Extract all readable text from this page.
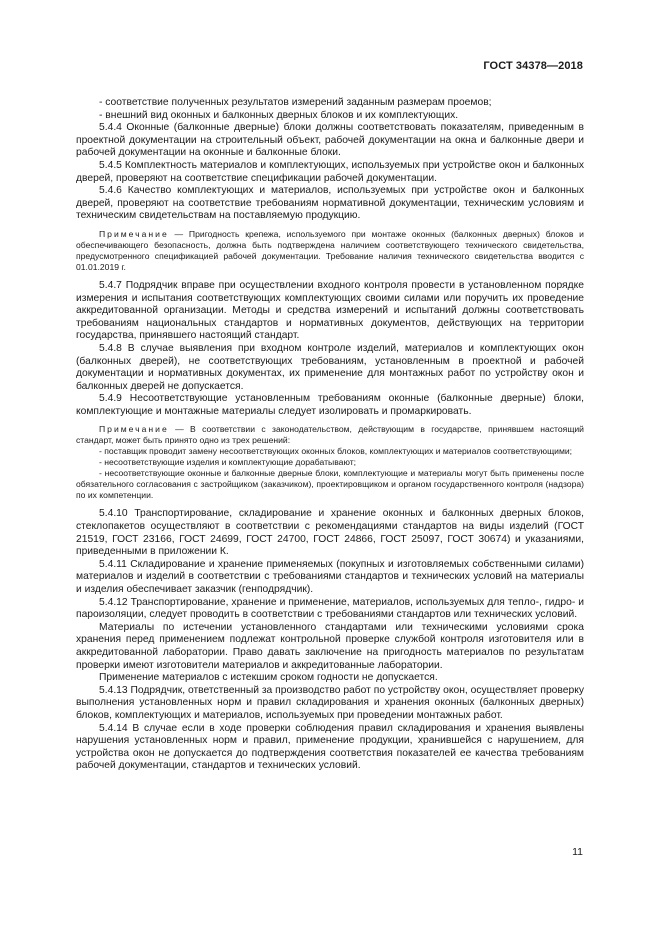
ГОСТ 34378—2018

- соответствие полученных результатов измерений заданным размерам проемов;

- внешний вид оконных и балконных дверных блоков и их комплектующих.

5.4.4 Оконные (балконные дверные) блоки должны соответствовать показателям, приведенным в проектной документации на строительный объект, рабочей документации на окна и балконные двери и рабочей документации на оконные и балконные блоки.

5.4.5 Комплектность материалов и комплектующих, используемых при устройстве окон и балконных дверей, проверяют на соответствие спецификации рабочей документации.

5.4.6 Качество комплектующих и материалов, используемых при устройстве окон и балконных дверей, проверяют на соответствие требованиям нормативной документации, техническим условиям и техническим свидетельствам на поставляемую продукцию.

Примечание — Пригодность крепежа, используемого при монтаже оконных (балконных дверных) блоков и обеспечивающего безопасность, должна быть подтверждена наличием соответствующего технического свидетельства, предусмотренного спецификацией рабочей документации. Требование наличия технического свидетельства вводится с 01.01.2019 г.

5.4.7 Подрядчик вправе при осуществлении входного контроля провести в установленном порядке измерения и испытания соответствующих комплектующих своими силами или поручить их проведение аккредитованной организации. Методы и средства измерений и испытаний должны соответствовать требованиям национальных стандартов и нормативных документов, действующих на территории государства, принявшего настоящий стандарт.

5.4.8 В случае выявления при входном контроле изделий, материалов и комплектующих окон (балконных дверей), не соответствующих требованиям, установленным в проектной и рабочей документации и нормативных документах, их применение для монтажных работ по устройству окон и балконных дверей не допускается.

5.4.9 Несоответствующие установленным требованиям оконные (балконные дверные) блоки, комплектующие и монтажные материалы следует изолировать и промаркировать.

Примечание — В соответствии с законодательством, действующим в государстве, принявшем настоящий стандарт, может быть принято одно из трех решений:

- поставщик проводит замену несоответствующих оконных блоков, комплектующих и материалов соответствующими;

- несоответствующие изделия и комплектующие дорабатывают;

- несоответствующие оконные и балконные дверные блоки, комплектующие и материалы могут быть применены после обязательного согласования с застройщиком (заказчиком), проектировщиком и органом государственного контроля (надзора) по их компетенции.

5.4.10 Транспортирование, складирование и хранение оконных и балконных дверных блоков, стеклопакетов осуществляют в соответствии с рекомендациями стандартов на виды изделий (ГОСТ 21519, ГОСТ 23166, ГОСТ 24699, ГОСТ 24700, ГОСТ 24866, ГОСТ 25097, ГОСТ 30674) и указаниями, приведенными в приложении К.

5.4.11 Складирование и хранение применяемых (покупных и изготовляемых собственными силами) материалов и изделий в соответствии с требованиями стандартов и технических условий на материалы и изделия обеспечивает заказчик (генподрядчик).

5.4.12 Транспортирование, хранение и применение, материалов, используемых для тепло-, гидро- и пароизоляции, следует проводить в соответствии с требованиями стандартов или технических условий.

Материалы по истечении установленного стандартами или техническими условиями срока хранения перед применением подлежат контрольной проверке службой контроля изготовителя или в аккредитованной лаборатории. Право давать заключение на пригодность материалов по результатам проверки имеют изготовители материалов и аккредитованные лаборатории.

Применение материалов с истекшим сроком годности не допускается.

5.4.13 Подрядчик, ответственный за производство работ по устройству окон, осуществляет проверку выполнения установленных норм и правил складирования и хранения оконных (балконных дверных) блоков, комплектующих и материалов, используемых при проведении монтажных работ.

5.4.14 В случае если в ходе проверки соблюдения правил складирования и хранения выявлены нарушения установленных норм и правил, применение продукции, хранившейся с нарушением, для устройства окон не допускается до подтверждения соответствия показателей ее качества требованиям рабочей документации, стандартов и технических условий.

11
